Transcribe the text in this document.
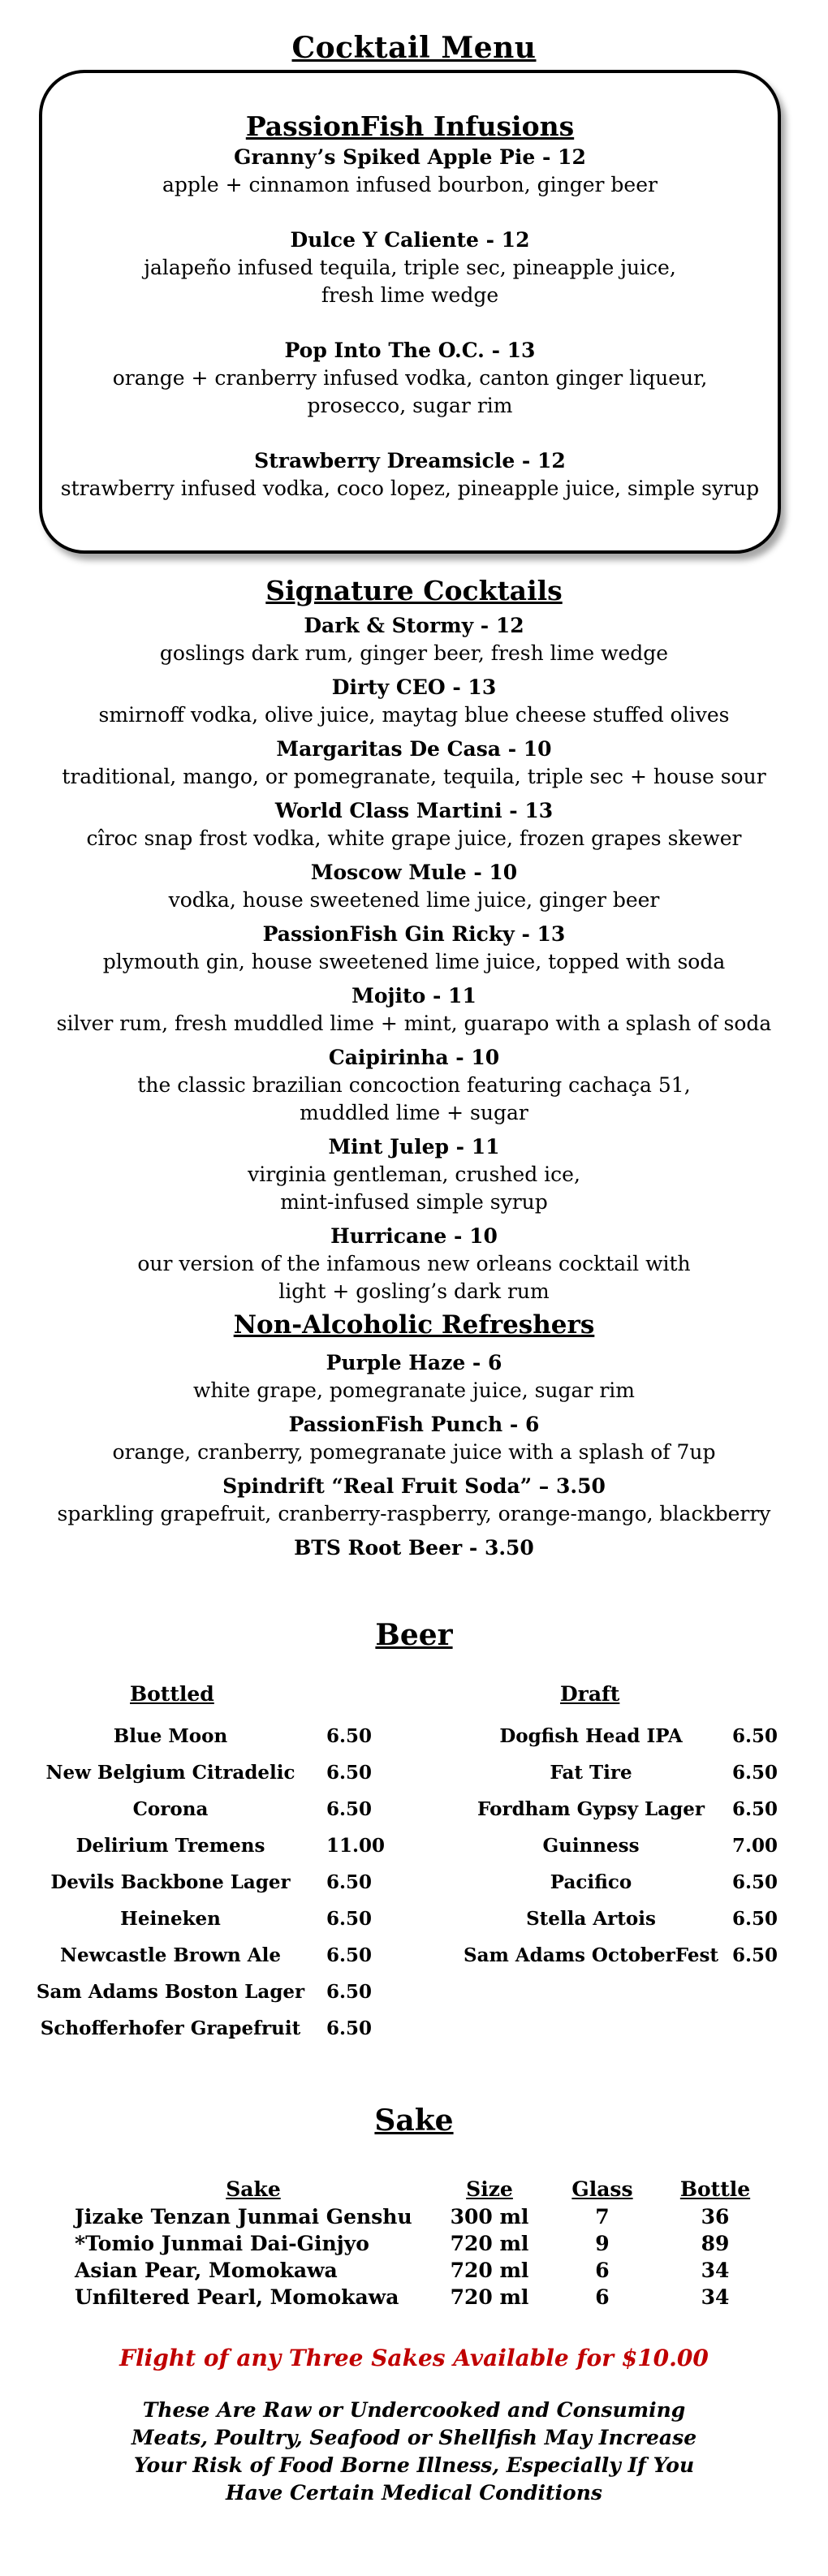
Cocktail Menu
PassionFish Infusions
Granny’s Spiked Apple Pie - 12
apple + cinnamon infused bourbon, ginger beer
Dulce Y Caliente - 12
jalapeño infused tequila, triple sec, pineapple juice,
fresh lime wedge
Pop Into The O.C. - 13
orange + cranberry infused vodka, canton ginger liqueur,
prosecco, sugar rim
Strawberry Dreamsicle - 12
strawberry infused vodka, coco lopez, pineapple juice, simple syrup
Signature Cocktails
Dark & Stormy - 12
goslings dark rum, ginger beer, fresh lime wedge
Dirty CEO - 13
smirnoff vodka, olive juice, maytag blue cheese stuffed olives
Margaritas De Casa - 10
traditional, mango, or pomegranate, tequila, triple sec + house sour
World Class Martini - 13
cîroc snap frost vodka, white grape juice, frozen grapes skewer
Moscow Mule - 10
vodka, house sweetened lime juice, ginger beer
PassionFish Gin Ricky - 13
plymouth gin, house sweetened lime juice, topped with soda
Mojito - 11
silver rum, fresh muddled lime + mint, guarapo with a splash of soda
Caipirinha - 10
the classic brazilian concoction featuring cachaça 51,
muddled lime + sugar
Mint Julep - 11
virginia gentleman, crushed ice,
mint-infused simple syrup
Hurricane - 10
our version of the infamous new orleans cocktail with
light + gosling’s dark rum
Non-Alcoholic Refreshers
Purple Haze - 6
white grape, pomegranate juice, sugar rim
PassionFish Punch - 6
orange, cranberry, pomegranate juice with a splash of 7up
Spindrift “Real Fruit Soda” – 3.50
sparkling grapefruit, cranberry-raspberry, orange-mango, blackberry
BTS Root Beer - 3.50
Beer
Bottled	Draft
Blue Moon	6.50
New Belgium Citradelic	6.50
Corona	6.50
Delirium Tremens	11.00
Devils Backbone Lager	6.50
Heineken	6.50
Newcastle Brown Ale	6.50
Sam Adams Boston Lager	6.50
Schofferhofer Grapefruit	6.50
Dogfish Head IPA	6.50
Fat Tire	6.50
Fordham Gypsy Lager	6.50
Guinness	7.00
Pacifico	6.50
Stella Artois	6.50
Sam Adams OctoberFest 6.50
Sake
Sake	Size	Glass Bottle
Jizake Tenzan Junmai Genshu	300 ml	7	36
*Tomio Junmai Dai-Ginjyo	720 ml	9	89
Asian Pear, Momokawa	720 ml	6	34
Unfiltered Pearl, Momokawa	720 ml	6	34
Flight of any Three Sakes Available for $10.00
These Are Raw or Undercooked and Consuming
Meats, Poultry, Seafood or Shellfish May Increase
Your Risk of Food Borne Illness, Especially If You
Have Certain Medical Conditions
